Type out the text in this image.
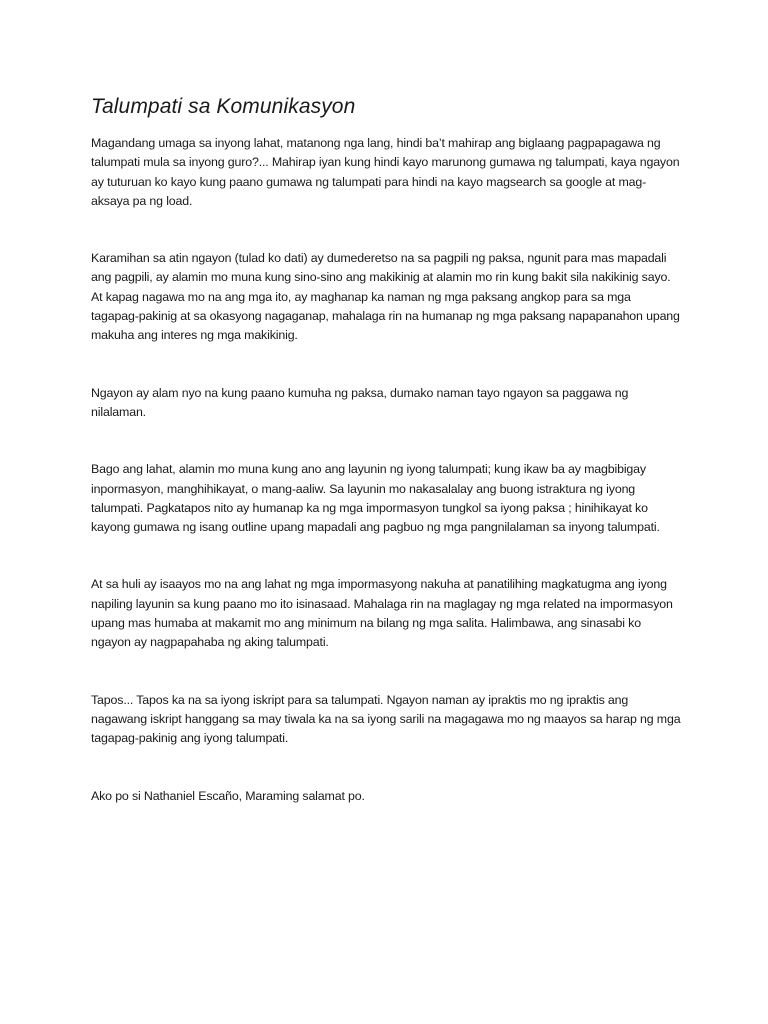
Talumpati sa Komunikasyon

Magandang umaga sa inyong lahat, matanong nga lang, hindi ba’t mahirap ang biglaang pagpapagawa ng talumpati mula sa inyong guro?... Mahirap iyan kung hindi kayo marunong gumawa ng talumpati, kaya ngayon ay tuturuan ko kayo kung paano gumawa ng talumpati para hindi na kayo magsearch sa google at mag- aksaya pa ng load.

Karamihan sa atin ngayon (tulad ko dati) ay dumederetso na sa pagpili ng paksa, ngunit para mas mapadali ang pagpili, ay alamin mo muna kung sino-sino ang makikinig at alamin mo rin kung bakit sila nakikinig sayo. At kapag nagawa mo na ang mga ito, ay maghanap ka naman ng mga paksang angkop para sa mga tagapag-pakinig at sa okasyong nagaganap, mahalaga rin na humanap ng mga paksang napapanahon upang makuha ang interes ng mga makikinig.

Ngayon ay alam nyo na kung paano kumuha ng paksa, dumako naman tayo ngayon sa paggawa ng nilalaman.

Bago ang lahat, alamin mo muna kung ano ang layunin ng iyong talumpati; kung ikaw ba ay magbibigay inpormasyon, manghihikayat, o mang-aaliw. Sa layunin mo nakasalalay ang buong istraktura ng iyong talumpati. Pagkatapos nito ay humanap ka ng mga impormasyon tungkol sa iyong paksa ; hinihikayat ko kayong gumawa ng isang outline upang mapadali ang pagbuo ng mga pangnilalaman sa inyong talumpati.

At sa huli ay isaayos mo na ang lahat ng mga impormasyong nakuha at panatilihing magkatugma ang iyong napiling layunin sa kung paano mo ito isinasaad. Mahalaga rin na maglagay ng mga related na impormasyon upang mas humaba at makamit mo ang minimum na bilang ng mga salita. Halimbawa, ang sinasabi ko ngayon ay nagpapahaba ng aking talumpati.

Tapos... Tapos ka na sa iyong iskript para sa talumpati. Ngayon naman ay ipraktis mo ng ipraktis ang nagawang iskript hanggang sa may tiwala ka na sa iyong sarili na magagawa mo ng maayos sa harap ng mga tagapag-pakinig ang iyong talumpati.

Ako po si Nathaniel Escaño, Maraming salamat po.
